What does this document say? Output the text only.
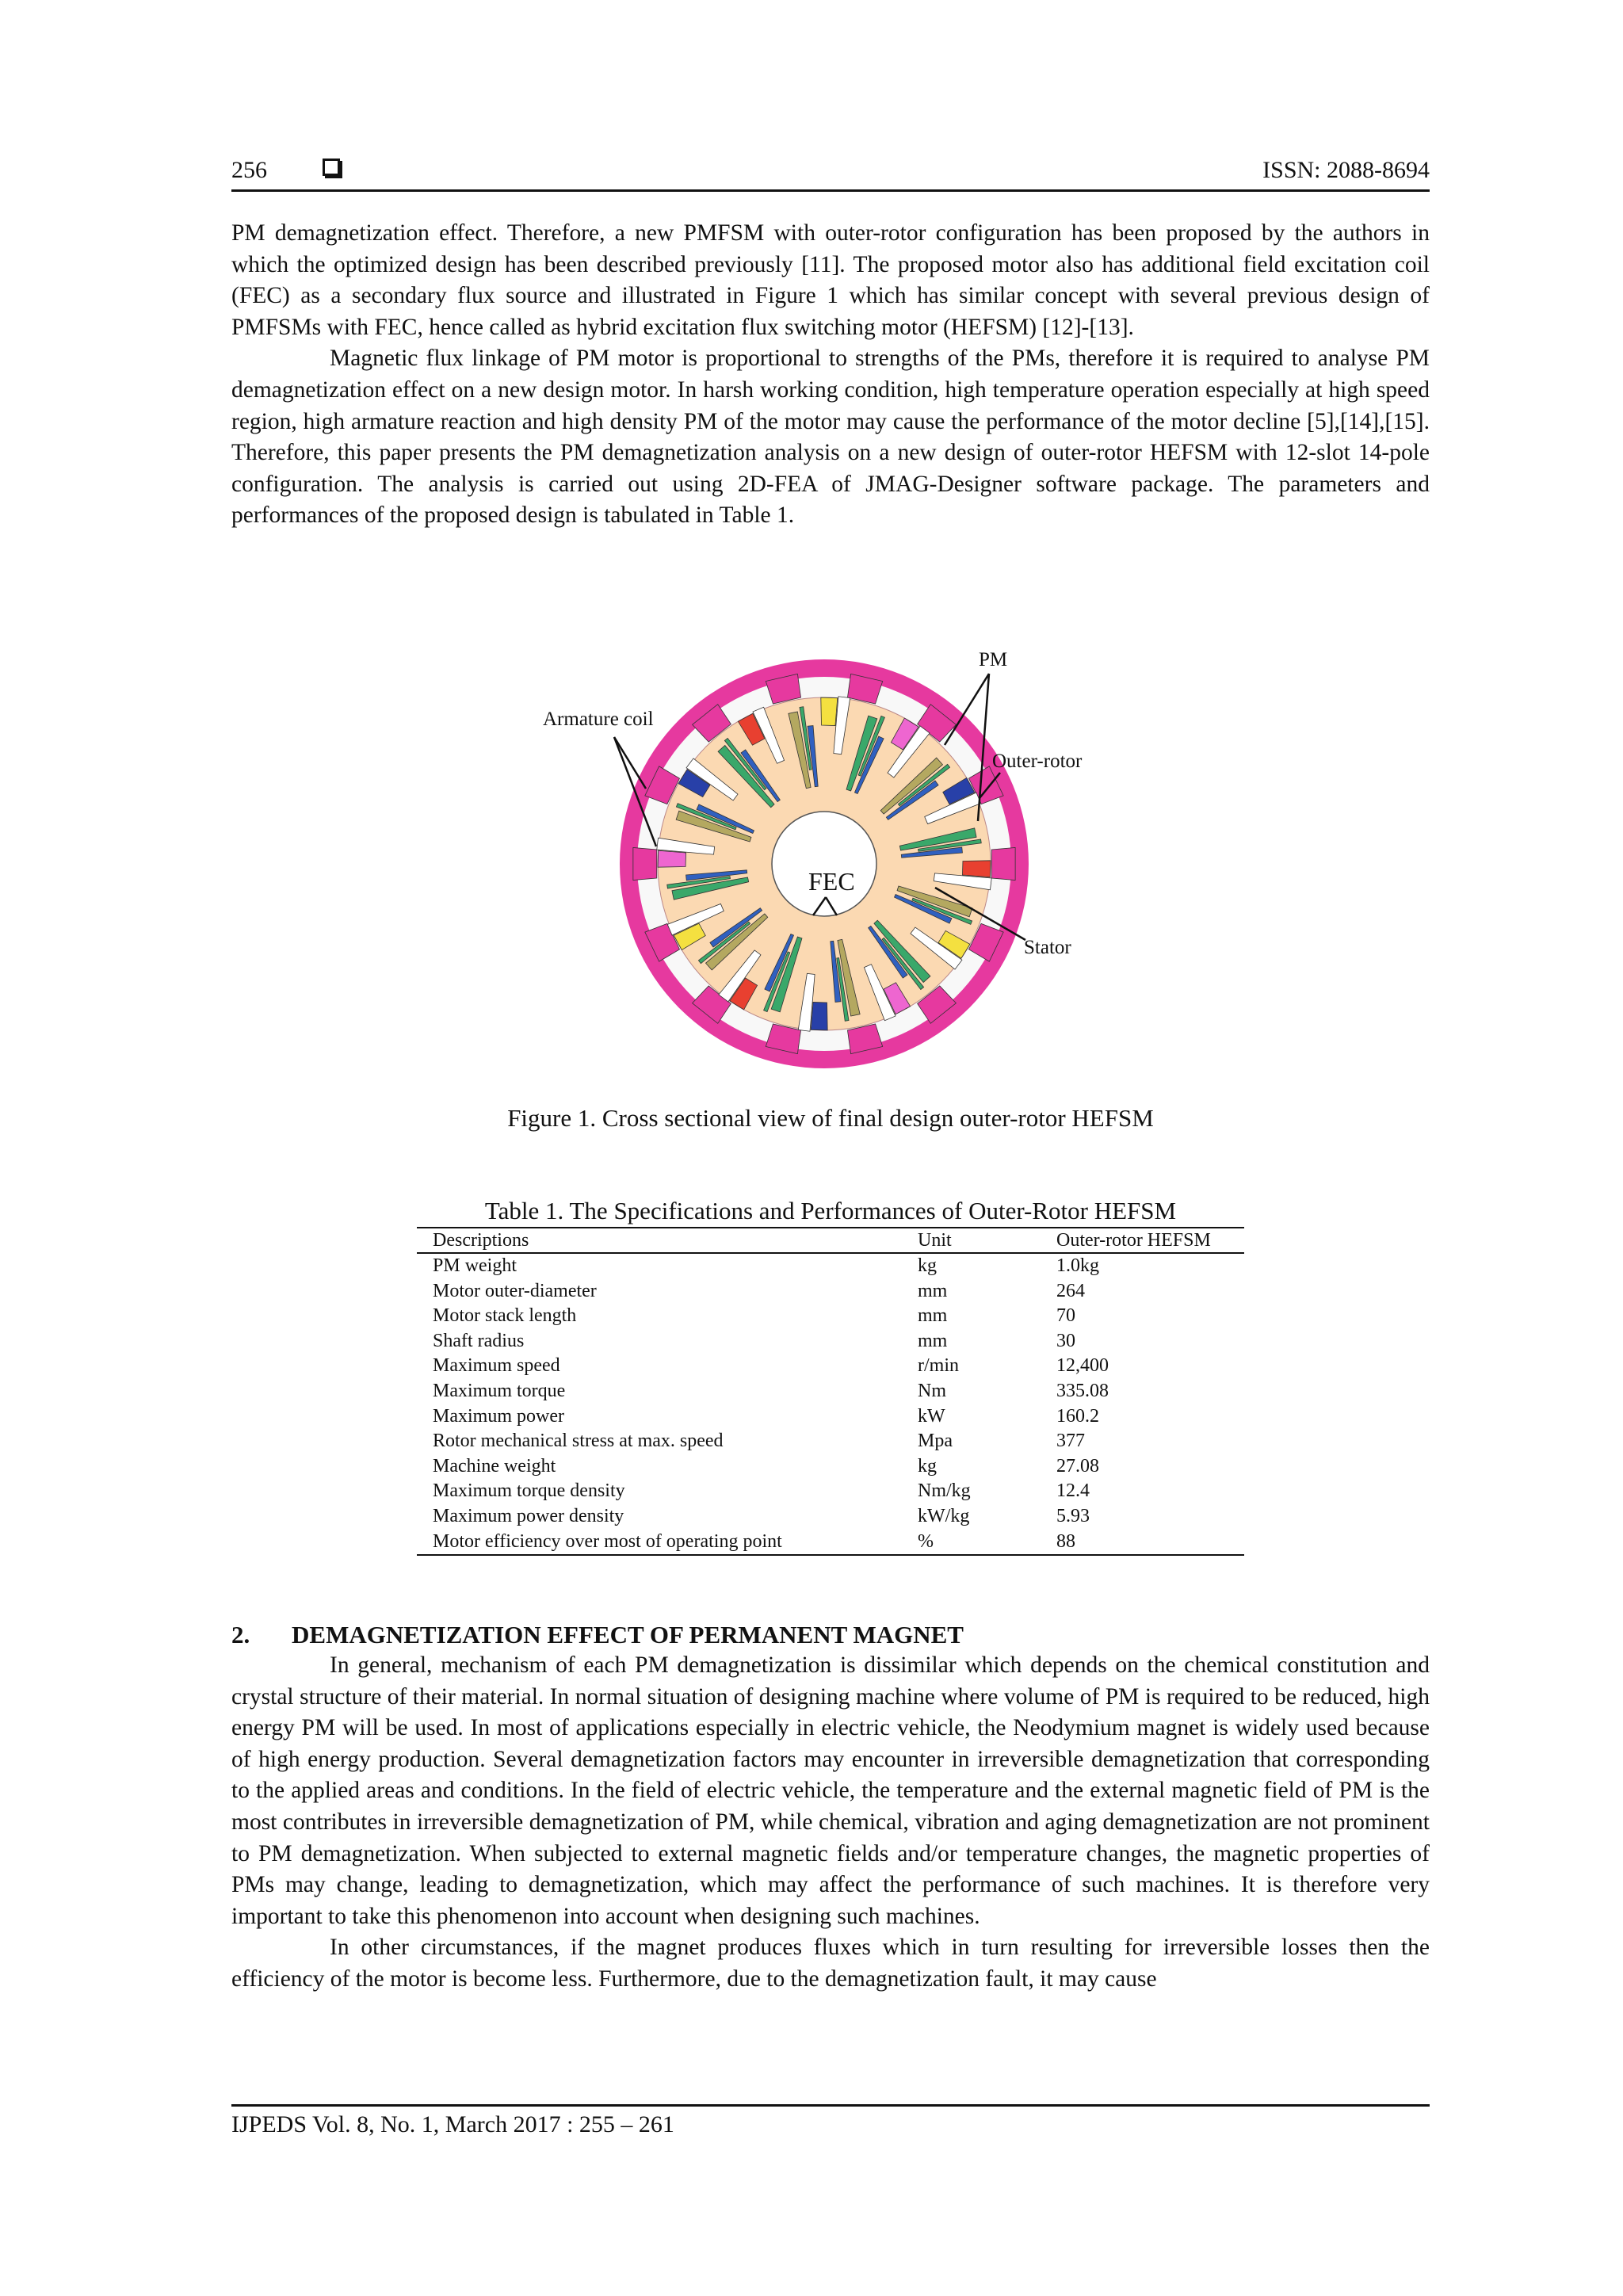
256	ISSN: 2088-8694

PM demagnetization effect. Therefore, a new PMFSM with outer-rotor configuration has been proposed by the authors in which the optimized design has been described previously [11]. The proposed motor also has additional field excitation coil (FEC) as a secondary flux source and illustrated in Figure 1 which has similar concept with several previous design of PMFSMs with FEC, hence called as hybrid excitation flux switching motor (HEFSM) [12]-[13].

Magnetic flux linkage of PM motor is proportional to strengths of the PMs, therefore it is required to analyse PM demagnetization effect on a new design motor. In harsh working condition, high temperature operation especially at high speed region, high armature reaction and high density PM of the motor may cause the performance of the motor decline [5],[14],[15]. Therefore, this paper presents the PM demagnetization analysis on a new design of outer-rotor HEFSM with 12-slot 14-pole configuration. The analysis is carried out using 2D-FEA of JMAG-Designer software package. The parameters and performances of the proposed design is tabulated in Table 1.

PM
Armature coil
Outer-rotor
FEC
Stator
Figure 1. Cross sectional view of final design outer-rotor HEFSM
Table 1. The Specifications and Performances of Outer-Rotor HEFSM
Descriptions	Unit	Outer-rotor HEFSM
PM weight	kg	1.0kg
Motor outer-diameter	mm	264
Motor stack length	mm	70
Shaft radius	mm	30
Maximum speed	r/min	12,400
Maximum torque	Nm	335.08
Maximum power	kW	160.2
Rotor mechanical stress at max. speed	Mpa	377
Machine weight	kg	27.08
Maximum torque density	Nm/kg	12.4
Maximum power density	kW/kg	5.93
Motor efficiency over most of operating point	%	88
2. DEMAGNETIZATION EFFECT OF PERMANENT MAGNET

In general, mechanism of each PM demagnetization is dissimilar which depends on the chemical constitution and crystal structure of their material. In normal situation of designing machine where volume of PM is required to be reduced, high energy PM will be used. In most of applications especially in electric vehicle, the Neodymium magnet is widely used because of high energy production. Several demagnetization factors may encounter in irreversible demagnetization that corresponding to the applied areas and conditions. In the field of electric vehicle, the temperature and the external magnetic field of PM is the most contributes in irreversible demagnetization of PM, while chemical, vibration and aging demagnetization are not prominent to PM demagnetization. When subjected to external magnetic fields and/or temperature changes, the magnetic properties of PMs may change, leading to demagnetization, which may affect the performance of such machines. It is therefore very important to take this phenomenon into account when designing such machines.

In other circumstances, if the magnet produces fluxes which in turn resulting for irreversible losses then the efficiency of the motor is become less. Furthermore, due to the demagnetization fault, it may cause

IJPEDS Vol. 8, No. 1, March 2017 : 255 – 261
